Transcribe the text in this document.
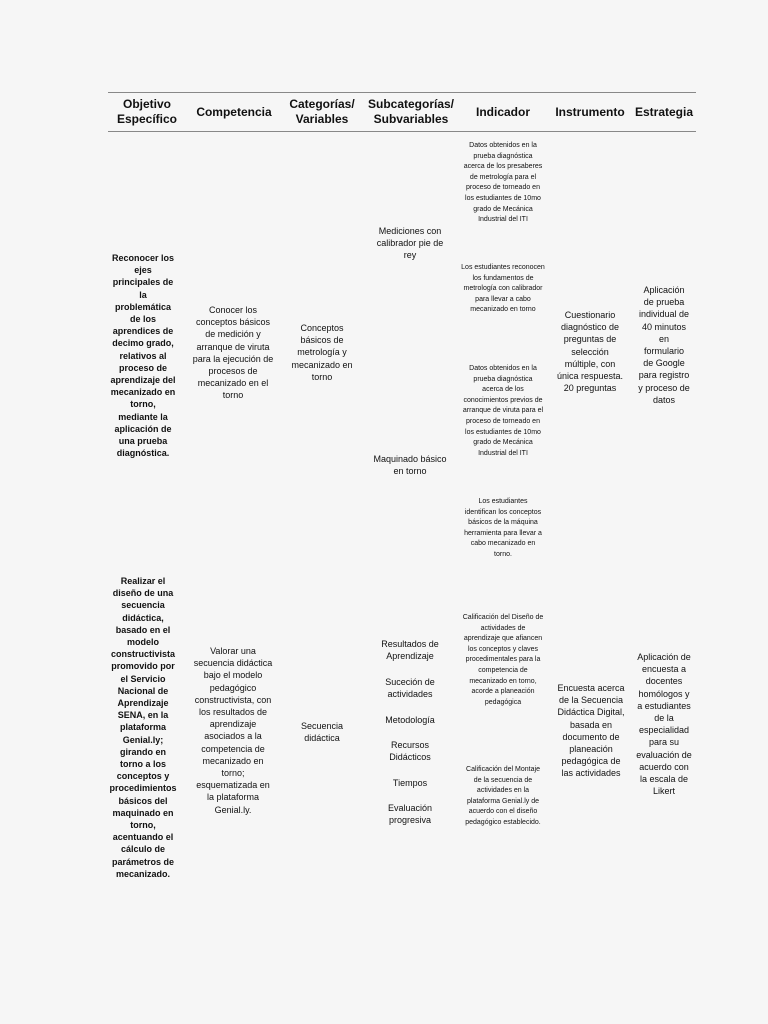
Objetivo Específico
Competencia
Categorías/ Variables
Subcategorías/ Subvariables
Indicador	Instrumento Estrategia
Reconocer los ejes principales de la problemática de los aprendices de decimo grado, relativos al proceso de aprendizaje del mecanizado en torno, mediante la aplicación de una prueba diagnóstica.
Conocer los conceptos básicos de medición y arranque de viruta para la ejecución de procesos de mecanizado en el torno
Conceptos básicos de metrología y mecanizado en torno
Mediciones con calibrador pie de rey
Maquinado básico en torno
Datos obtenidos en la prueba diagnóstica acerca de los presaberes de metrología para el proceso de torneado en los estudiantes de 10mo grado de Mecánica Industrial del ITI
Los estudiantes reconocen los fundamentos de metrología con calibrador para llevar a cabo mecanizado en torno
Datos obtenidos en la prueba diagnóstica acerca de los conocimientos previos de arranque de viruta para el proceso de torneado en los estudiantes de 10mo grado de Mecánica Industrial del ITI
Los estudiantes identifican los conceptos básicos de la máquina herramienta para llevar a cabo mecanizado en torno.
Cuestionario diagnóstico de preguntas de selección múltiple, con única respuesta. 20 preguntas
Aplicación de prueba individual de 40 minutos en formulario de Google para registro y proceso de datos
Realizar el diseño de una secuencia didáctica, basado en el modelo constructivista promovido por el Servicio Nacional de Aprendizaje SENA, en la plataforma Genial.ly; girando en torno a los conceptos y procedimientos básicos del maquinado en torno, acentuando el cálculo de parámetros de mecanizado.
Valorar una secuencia didáctica bajo el modelo pedagógico constructivista, con los resultados de aprendizaje asociados a la competencia de mecanizado en torno; esquematizada en la plataforma Genial.ly.
Secuencia didáctica
Resultados de Aprendizaje
Suceción de actividades
Metodología
Recursos Didácticos
Tiempos
Evaluación progresiva
Calificación del Diseño de actividades de aprendizaje que afiancen los conceptos y claves procedimentales para la competencia de mecanizado en torno, acorde a planeación pedagógica
Calificación del Montaje de la secuencia de actividades en la plataforma Genial.ly de acuerdo con el diseño pedagógico establecido.
Encuesta acerca de la Secuencia Didáctica Digital, basada en documento de planeación pedagógica de las actividades
Aplicación de encuesta a docentes homólogos y a estudiantes de la especialidad para su evaluación de acuerdo con la escala de Likert
